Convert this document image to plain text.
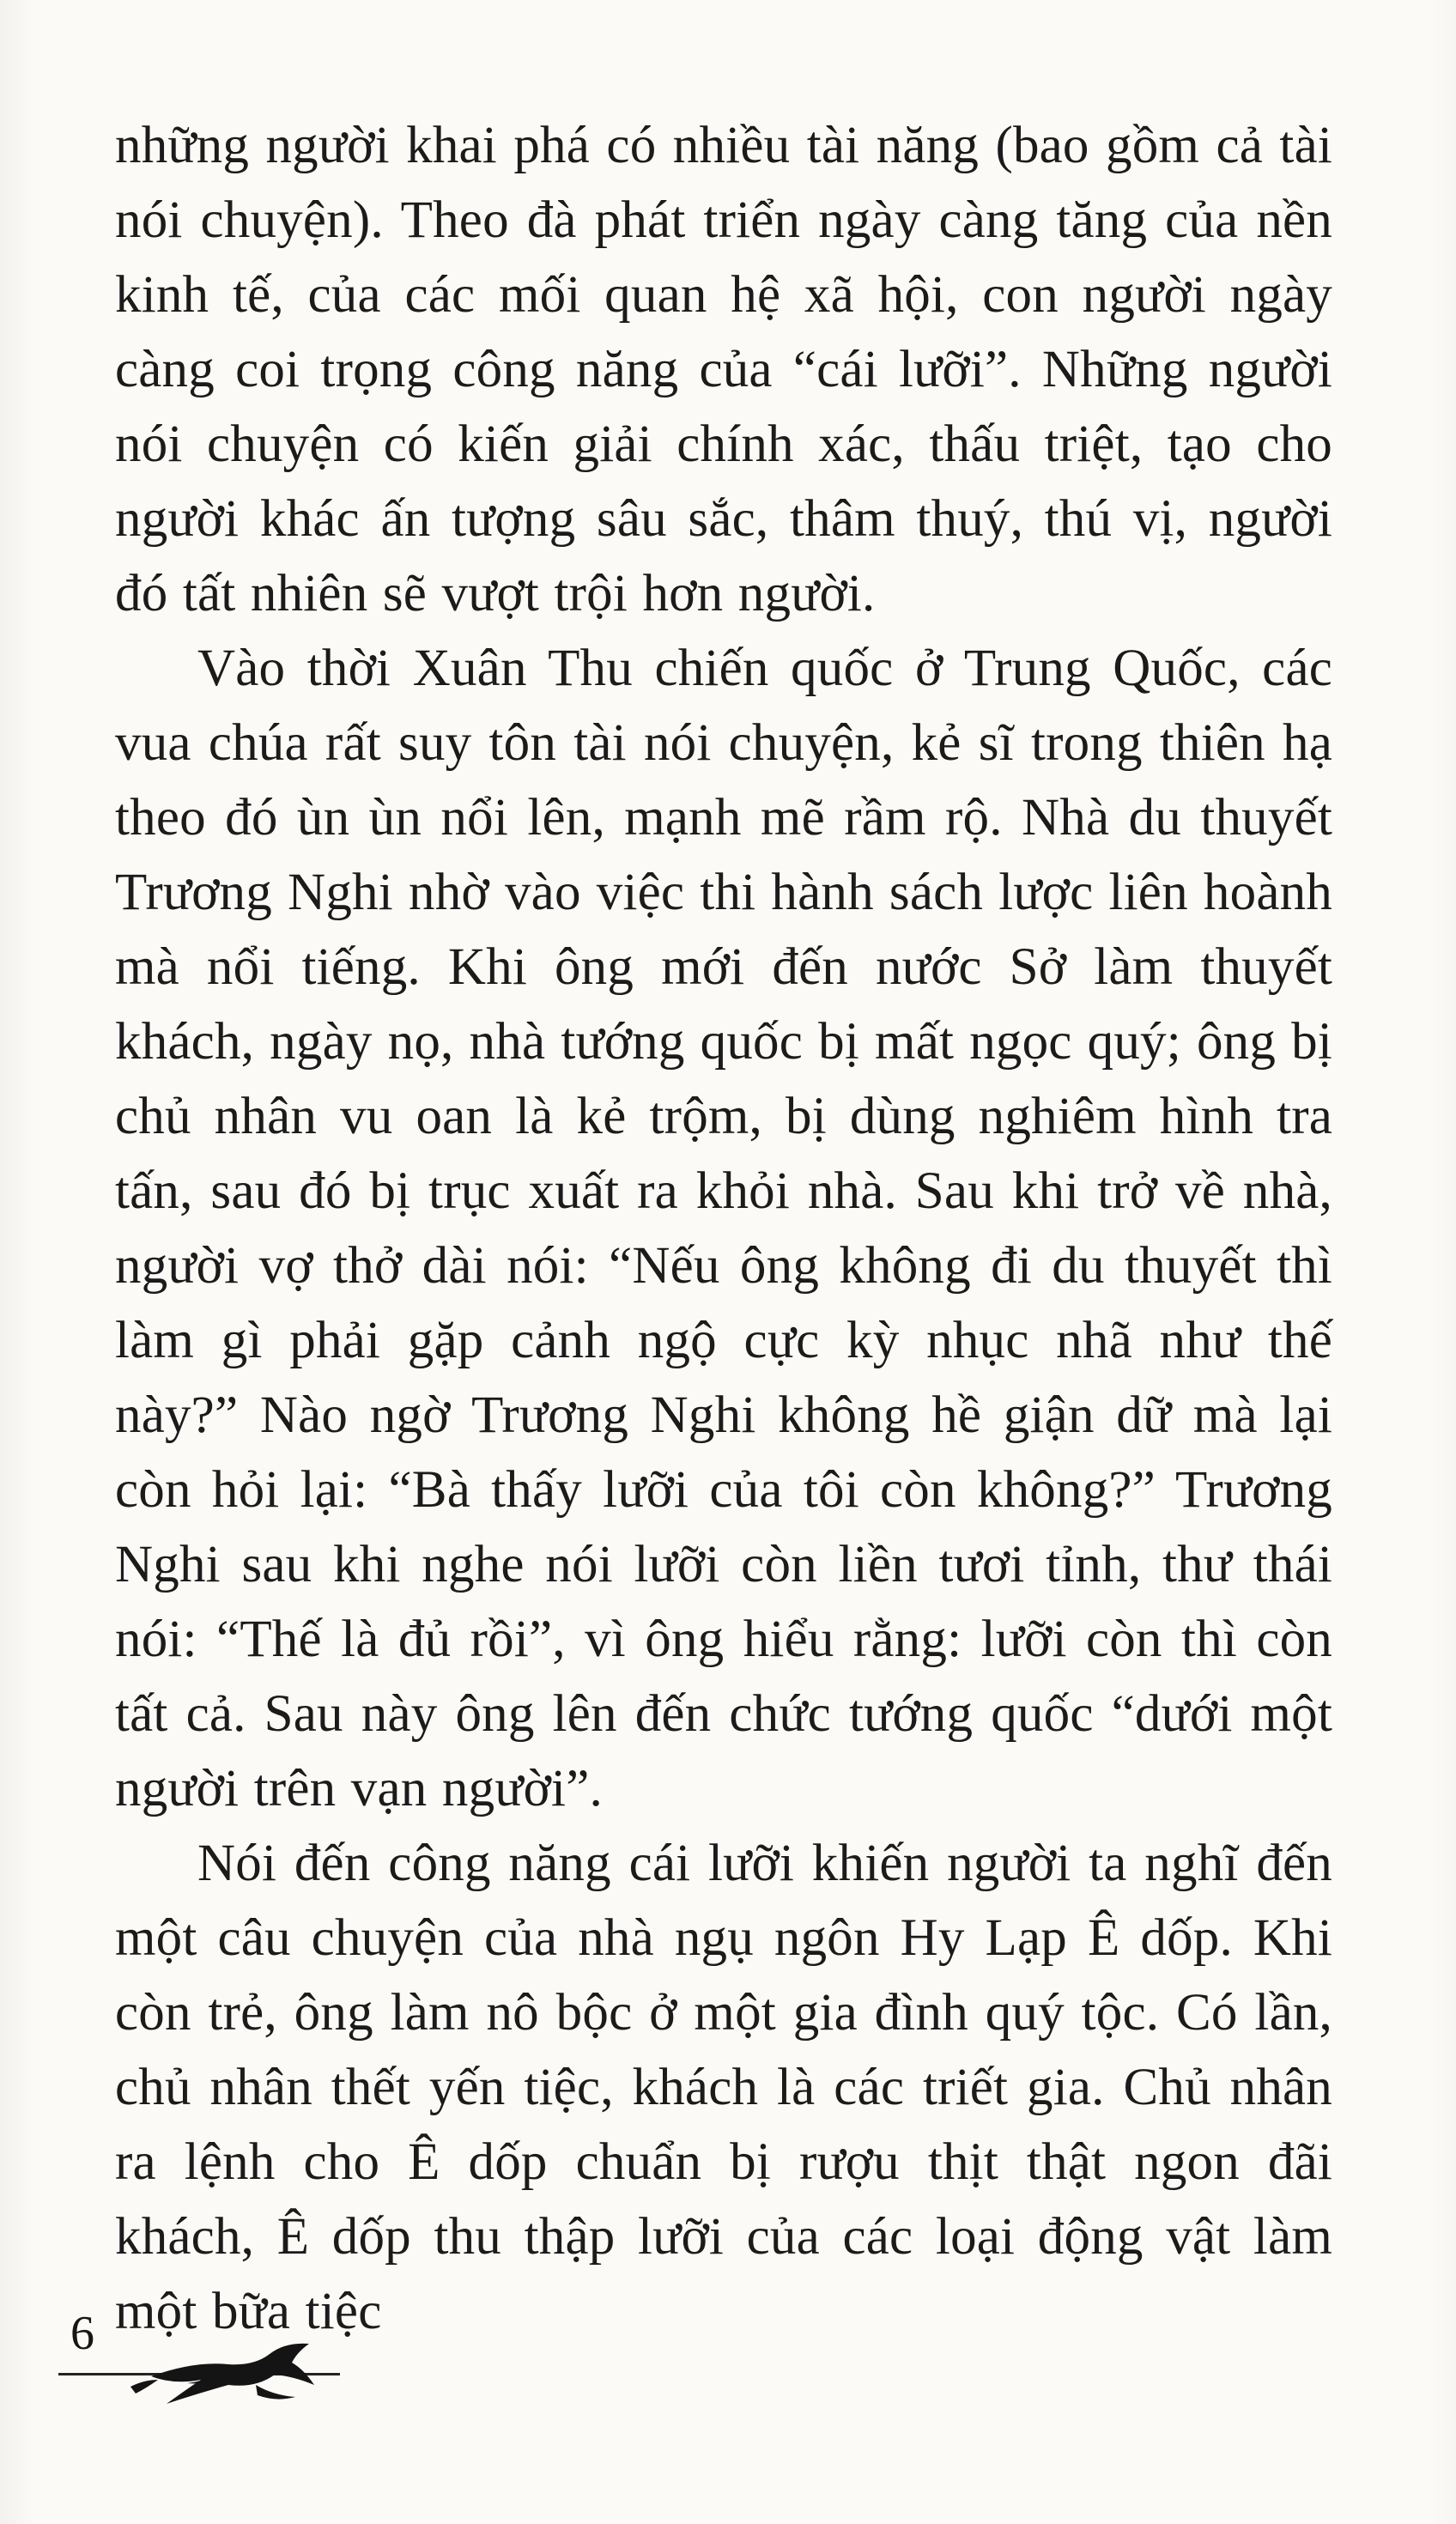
những người khai phá có nhiều tài năng (bao gồm cả tài nói chuyện). Theo đà phát triển ngày càng tăng của nền kinh tế, của các mối quan hệ xã hội, con người ngày càng coi trọng công năng của “cái lưỡi”. Những người nói chuyện có kiến giải chính xác, thấu triệt, tạo cho người khác ấn tượng sâu sắc, thâm thuý, thú vị, người đó tất nhiên sẽ vượt trội hơn người.

Vào thời Xuân Thu chiến quốc ở Trung Quốc, các vua chúa rất suy tôn tài nói chuyện, kẻ sĩ trong thiên hạ theo đó ùn ùn nổi lên, mạnh mẽ rầm rộ. Nhà du thuyết Trương Nghi nhờ vào việc thi hành sách lược liên hoành mà nổi tiếng. Khi ông mới đến nước Sở làm thuyết khách, ngày nọ, nhà tướng quốc bị mất ngọc quý; ông bị chủ nhân vu oan là kẻ trộm, bị dùng nghiêm hình tra tấn, sau đó bị trục xuất ra khỏi nhà. Sau khi trở về nhà, người vợ thở dài nói: “Nếu ông không đi du thuyết thì làm gì phải gặp cảnh ngộ cực kỳ nhục nhã như thế này?” Nào ngờ Trương Nghi không hề giận dữ mà lại còn hỏi lại: “Bà thấy lưỡi của tôi còn không?” Trương Nghi sau khi nghe nói lưỡi còn liền tươi tỉnh, thư thái nói: “Thế là đủ rồi”, vì ông hiểu rằng: lưỡi còn thì còn tất cả. Sau này ông lên đến chức tướng quốc “dưới một người trên vạn người”.

Nói đến công năng cái lưỡi khiến người ta nghĩ đến một câu chuyện của nhà ngụ ngôn Hy Lạp Ê dốp. Khi còn trẻ, ông làm nô bộc ở một gia đình quý tộc. Có lần, chủ nhân thết yến tiệc, khách là các triết gia. Chủ nhân ra lệnh cho Ê dốp chuẩn bị rượu thịt thật ngon đãi khách, Ê dốp thu thập lưỡi của các loại động vật làm một bữa tiệc

6
